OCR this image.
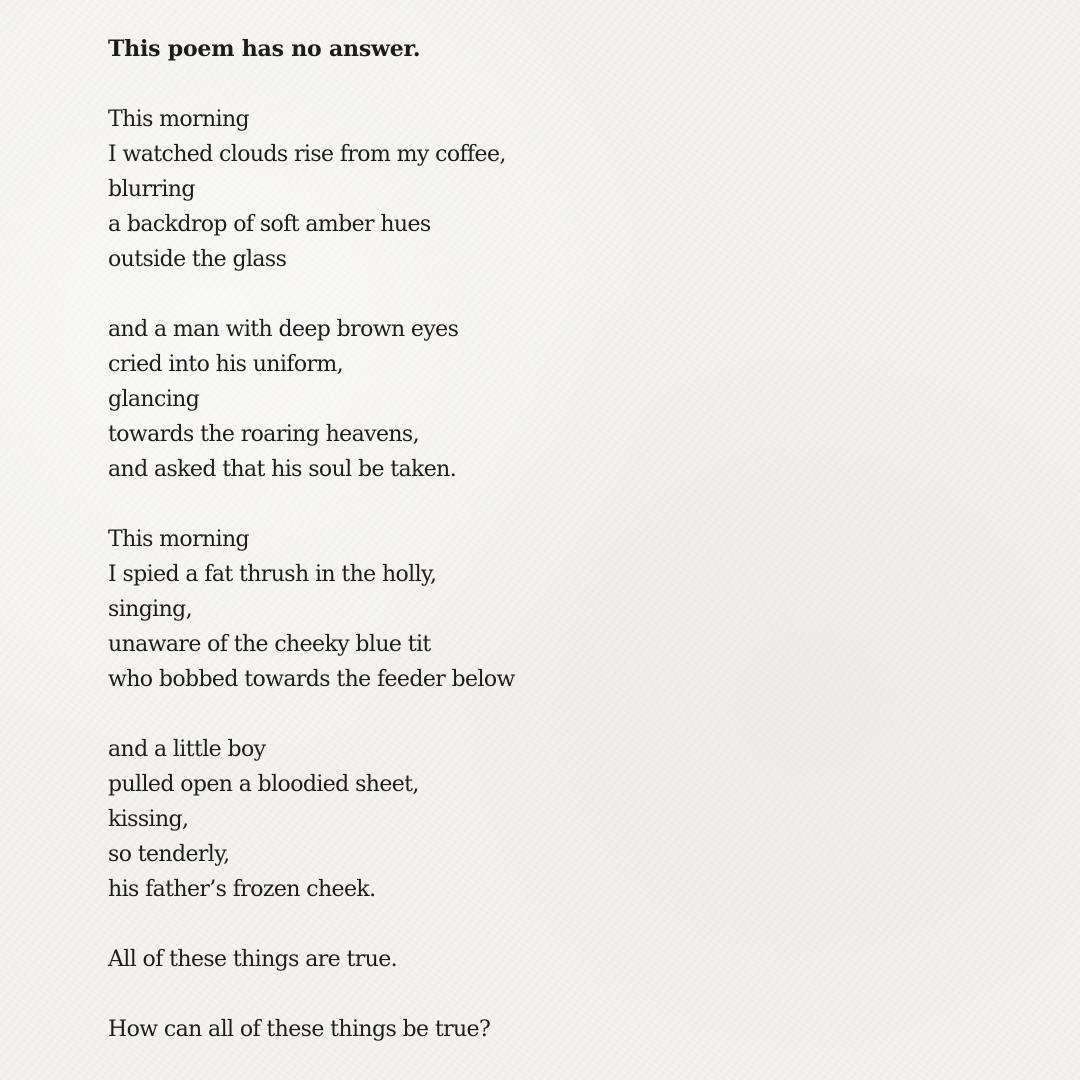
This poem has no answer.
This morning
I watched clouds rise from my coffee,
blurring
a backdrop of soft amber hues
outside the glass
and a man with deep brown eyes
cried into his uniform,
glancing
towards the roaring heavens,
and asked that his soul be taken.
This morning
I spied a fat thrush in the holly,
singing,
unaware of the cheeky blue tit
who bobbed towards the feeder below
and a little boy
pulled open a bloodied sheet,
kissing,
so tenderly,
his father’s frozen cheek.
All of these things are true.
How can all of these things be true?
